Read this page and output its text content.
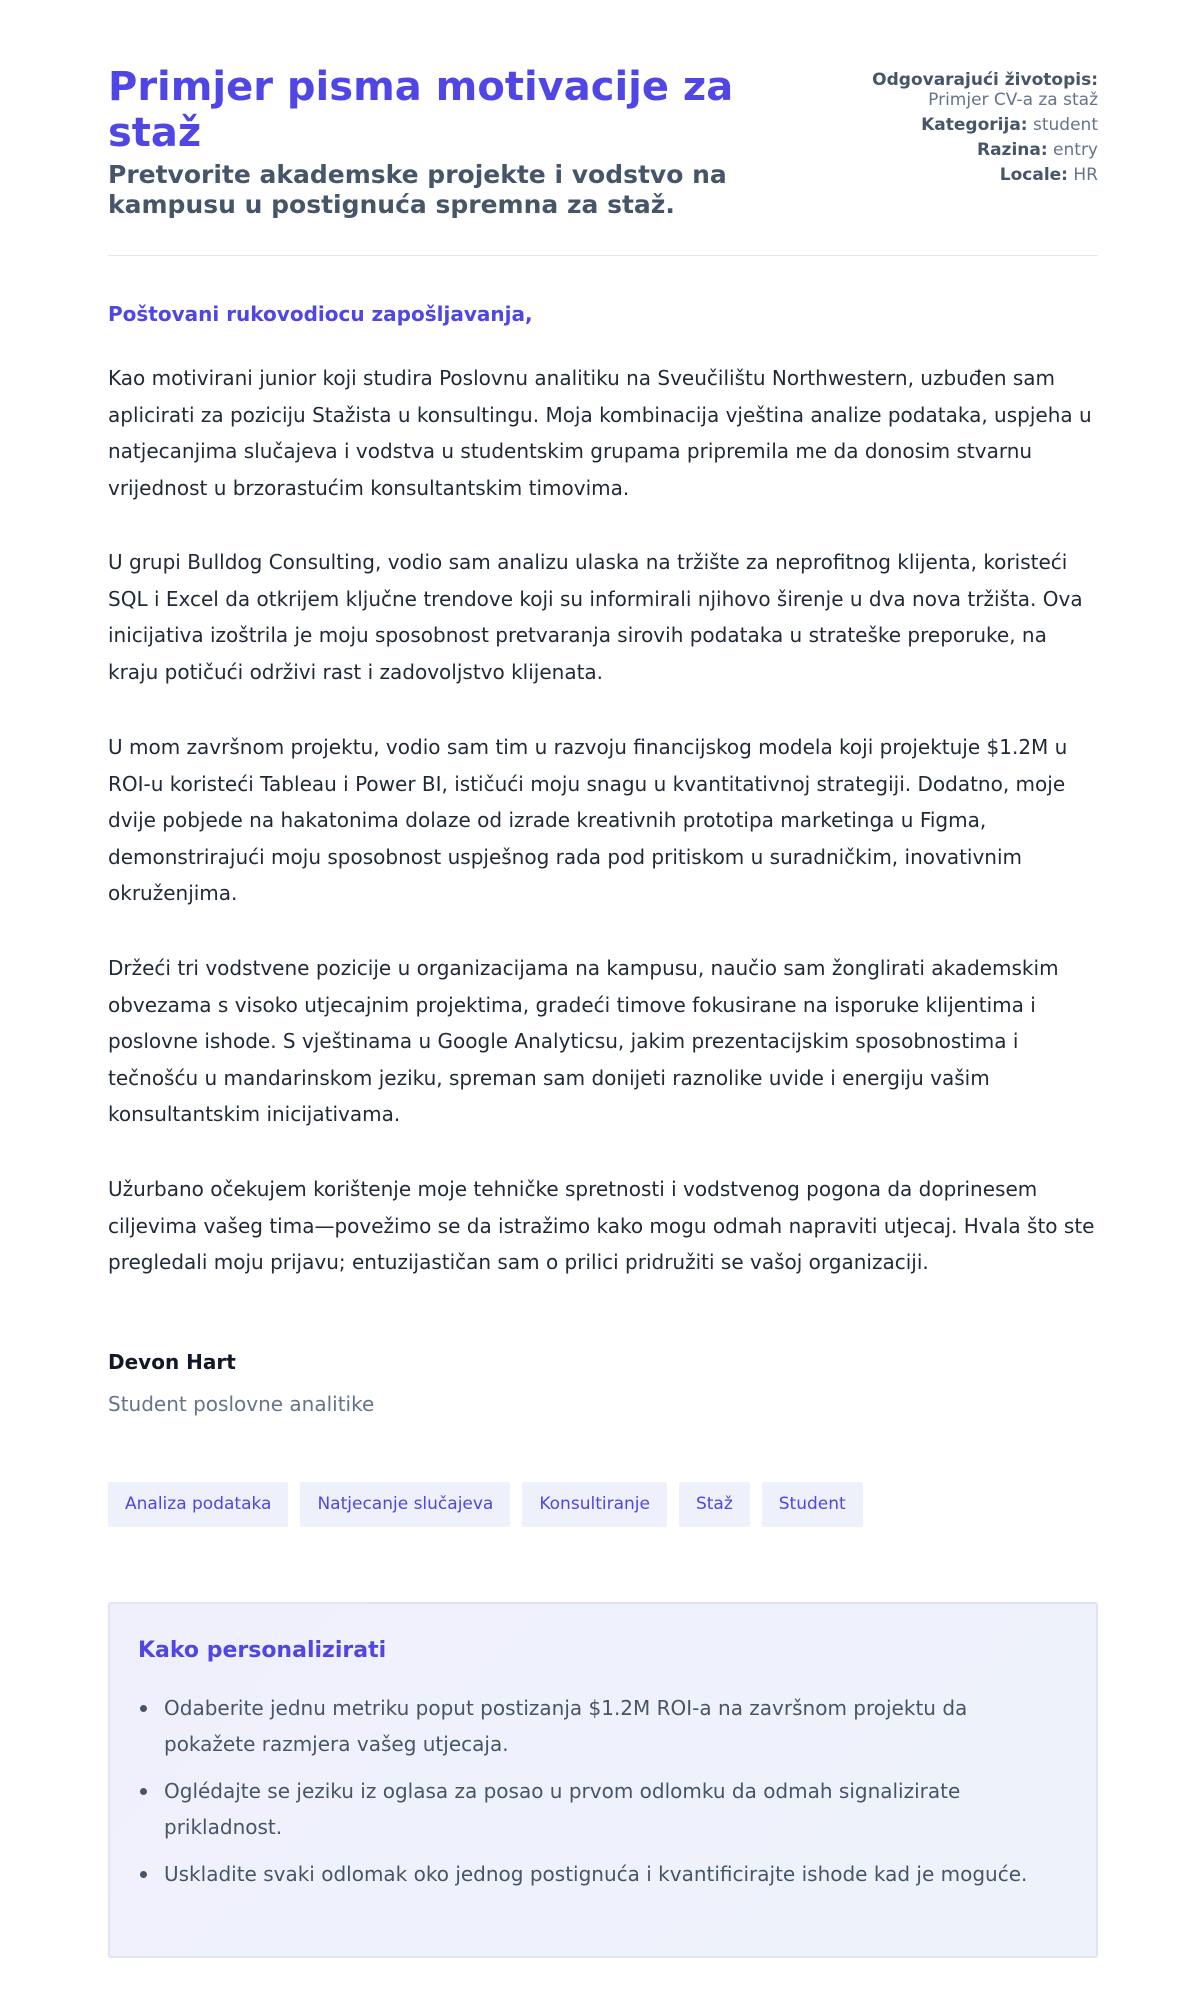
Primjer pisma motivacije za staž
Pretvorite akademske projekte i vodstvo na kampusu u postignuća spremna za staž.
Odgovarajući životopis:
Primjer CV-a za staž
Kategorija: student
Razina: entry
Locale: HR
Poštovani rukovodiocu zapošljavanja,

Kao motivirani junior koji studira Poslovnu analitiku na Sveučilištu Northwestern, uzbuđen sam aplicirati za poziciju Stažista u konsultingu. Moja kombinacija vještina analize podataka, uspjeha u natjecanjima slučajeva i vodstva u studentskim grupama pripremila me da donosim stvarnu vrijednost u brzorastućim konsultantskim timovima.

U grupi Bulldog Consulting, vodio sam analizu ulaska na tržište za neprofitnog klijenta, koristeći SQL i Excel da otkrijem ključne trendove koji su informirali njihovo širenje u dva nova tržišta. Ova inicijativa izoštrila je moju sposobnost pretvaranja sirovih podataka u strateške preporuke, na kraju potičući održivi rast i zadovoljstvo klijenata.

U mom završnom projektu, vodio sam tim u razvoju financijskog modela koji projektuje $1.2M u ROI-u koristeći Tableau i Power BI, ističući moju snagu u kvantitativnoj strategiji. Dodatno, moje dvije pobjede na hakatonima dolaze od izrade kreativnih prototipa marketinga u Figma, demonstrirajući moju sposobnost uspješnog rada pod pritiskom u suradničkim, inovativnim okruženjima.

Držeći tri vodstvene pozicije u organizacijama na kampusu, naučio sam žonglirati akademskim obvezama s visoko utjecajnim projektima, gradeći timove fokusirane na isporuke klijentima i poslovne ishode. S vještinama u Google Analyticsu, jakim prezentacijskim sposobnostima i tečnošću u mandarinskom jeziku, spreman sam donijeti raznolike uvide i energiju vašim konsultantskim inicijativama.

Užurbano očekujem korištenje moje tehničke spretnosti i vodstvenog pogona da doprinesem ciljevima vašeg tima—povežimo se da istražimo kako mogu odmah napraviti utjecaj. Hvala što ste pregledali moju prijavu; entuzijastičan sam o prilici pridružiti se vašoj organizaciji.

Devon Hart
Student poslovne analitike
Analiza podataka	Natjecanje slučajeva	Konsultiranje	Staž	Student
Kako personalizirati
Odaberite jednu metriku poput postizanja $1.2M ROI-a na završnom projektu da pokažete razmjera vašeg utjecaja.
Oglédajte se jeziku iz oglasa za posao u prvom odlomku da odmah signalizirate prikladnost.
Uskladite svaki odlomak oko jednog postignuća i kvantificirajte ishode kad je moguće.
